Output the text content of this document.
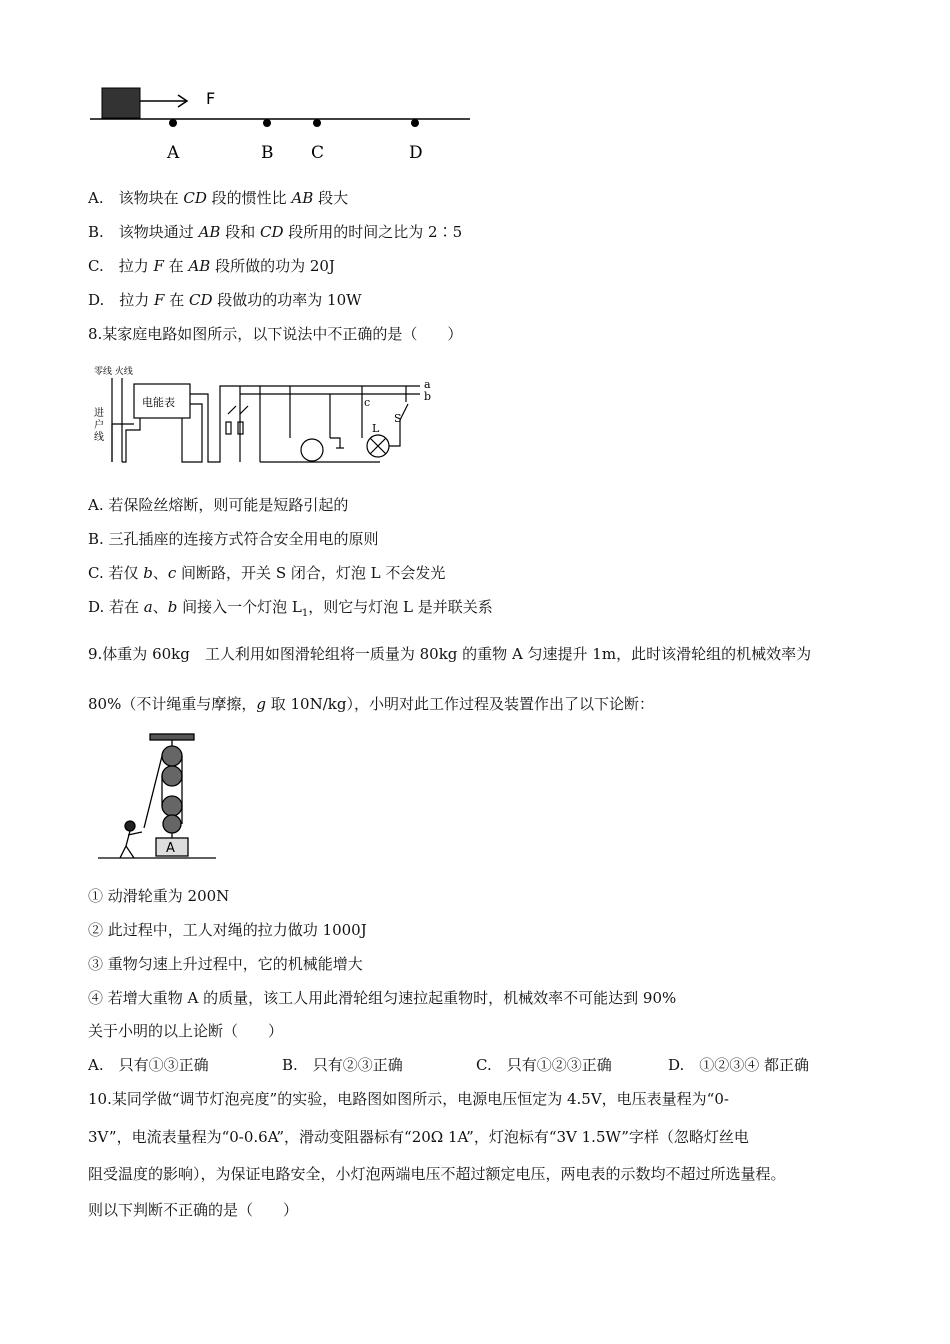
F
A	B C	D
A.　该物块在 CD 段的惯性比 AB 段大
B.　该物块通过 AB 段和 CD 段所用的时间之比为 2∶5
C.　拉力 F 在 AB 段所做的功为 20J
D.　拉力 F 在 CD 段做功的功率为 10W
8.某家庭电路如图所示，以下说法中不正确的是（　　）
零线 火线
进
户
线
电能表	c
a
b
S
L
A. 若保险丝熔断，则可能是短路引起的
B. 三孔插座的连接方式符合安全用电的原则
C. 若仅 b、c 间断路，开关 S 闭合，灯泡 L 不会发光
D. 若在 a、b 间接入一个灯泡 $L_1$，则它与灯泡 L 是并联关系
9.体重为 60kg　工人利用如图滑轮组将一质量为 80kg 的重物 A 匀速提升 1m，此时该滑轮组的机械效率为
80%（不计绳重与摩擦，g 取 10N/kg），小明对此工作过程及装置作出了以下论断：
A
① 动滑轮重为 200N
② 此过程中，工人对绳的拉力做功 1000J
③ 重物匀速上升过程中，它的机械能增大
④ 若增大重物 A 的质量，该工人用此滑轮组匀速拉起重物时，机械效率不可能达到 90%
关于小明的以上论断（　　）
A.　只有①③正确	B.　只有②③正确	C.　只有①②③正确	D.　①②③④ 都正确
10.某同学做“调节灯泡亮度”的实验，电路图如图所示，电源电压恒定为 4.5V，电压表量程为“0-
3V”，电流表量程为“0-0.6A”，滑动变阻器标有“20Ω 1A”，灯泡标有“3V 1.5W”字样（忽略灯丝电
阻受温度的影响），为保证电路安全，小灯泡两端电压不超过额定电压，两电表的示数均不超过所选量程。
则以下判断不正确的是（　　）
